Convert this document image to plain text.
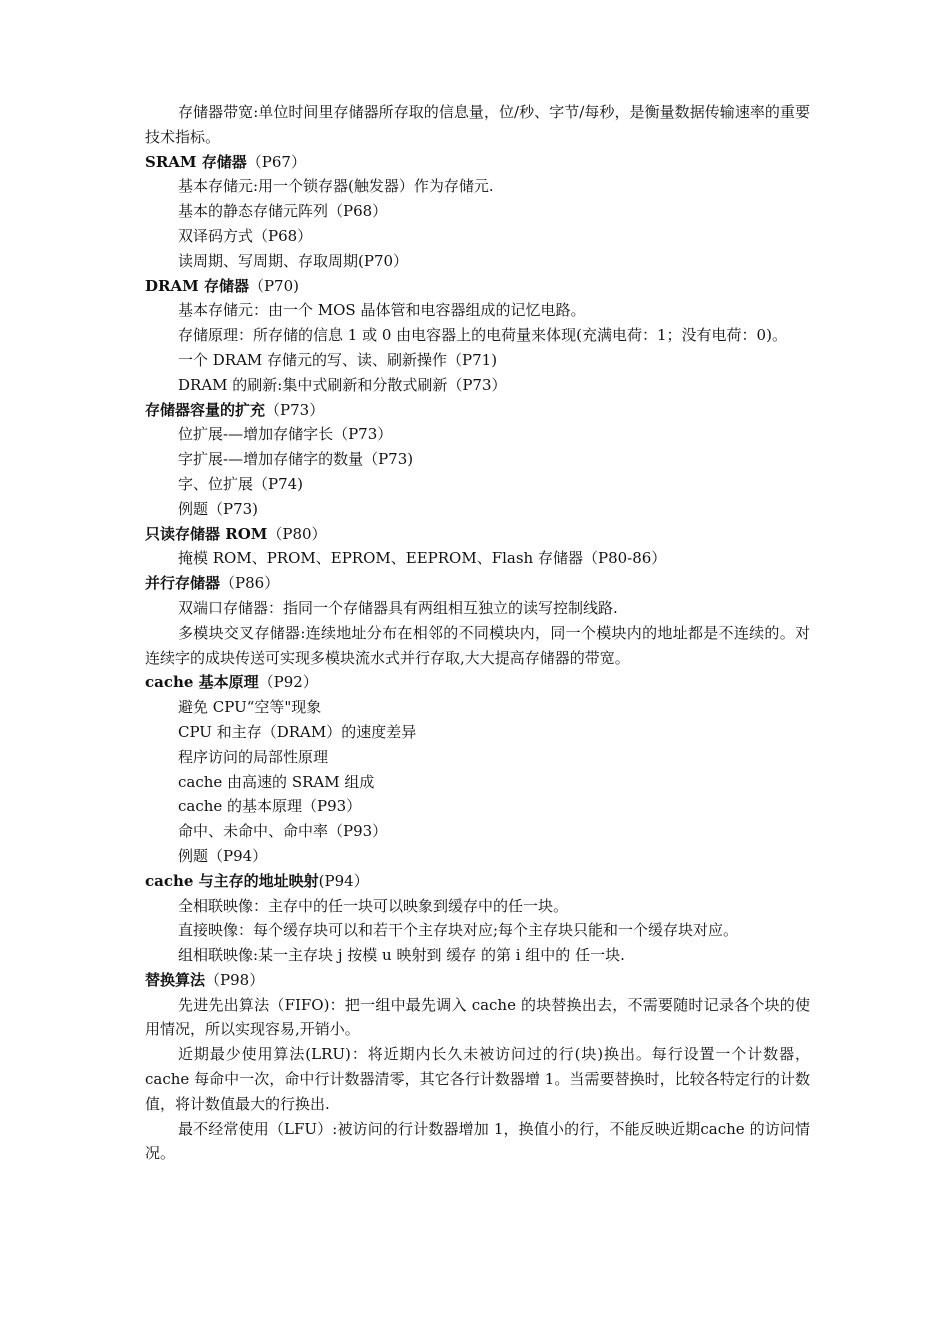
存储器带宽:单位时间里存储器所存取的信息量，位/秒、字节/每秒，是衡量数据传输速率的重要技术指标。
SRAM 存储器（P67）
基本存储元:用一个锁存器(触发器）作为存储元.
基本的静态存储元阵列（P68）
双译码方式（P68）
读周期、写周期、存取周期(P70）
DRAM 存储器（P70)
基本存储元：由一个 MOS 晶体管和电容器组成的记忆电路。
存储原理：所存储的信息 1 或 0 由电容器上的电荷量来体现(充满电荷：1；没有电荷：0)。
一个 DRAM 存储元的写、读、刷新操作（P71)
DRAM 的刷新:集中式刷新和分散式刷新（P73）
存储器容量的扩充（P73）
位扩展-—增加存储字长（P73）
字扩展-—增加存储字的数量（P73)
字、位扩展（P74)
例题（P73)
只读存储器 ROM（P80）
掩模 ROM、PROM、EPROM、EEPROM、Flash 存储器（P80-86）
并行存储器（P86）
双端口存储器：指同一个存储器具有两组相互独立的读写控制线路.
多模块交叉存储器:连续地址分布在相邻的不同模块内，同一个模块内的地址都是不连续的。对连续字的成块传送可实现多模块流水式并行存取,大大提高存储器的带宽。
cache 基本原理（P92）
避免 CPU“空等"现象
CPU 和主存（DRAM）的速度差异
程序访问的局部性原理
cache 由高速的 SRAM 组成
cache 的基本原理（P93）
命中、未命中、命中率（P93）
例题（P94）
cache 与主存的地址映射(P94）
全相联映像：主存中的任一块可以映象到缓存中的任一块。
直接映像：每个缓存块可以和若干个主存块对应;每个主存块只能和一个缓存块对应。
组相联映像:某一主存块 j 按模 u 映射到 缓存 的第 i 组中的 任一块.
替换算法（P98）
先进先出算法（FIFO)：把一组中最先调入 cache 的块替换出去，不需要随时记录各个块的使用情况，所以实现容易,开销小。
近期最少使用算法(LRU)：将近期内长久未被访问过的行(块)换出。每行设置一个计数器，cache 每命中一次，命中行计数器清零，其它各行计数器增 1。当需要替换时，比较各特定行的计数值，将计数值最大的行换出.
最不经常使用（LFU）:被访问的行计数器增加 1，换值小的行，不能反映近期cache 的访问情况。
